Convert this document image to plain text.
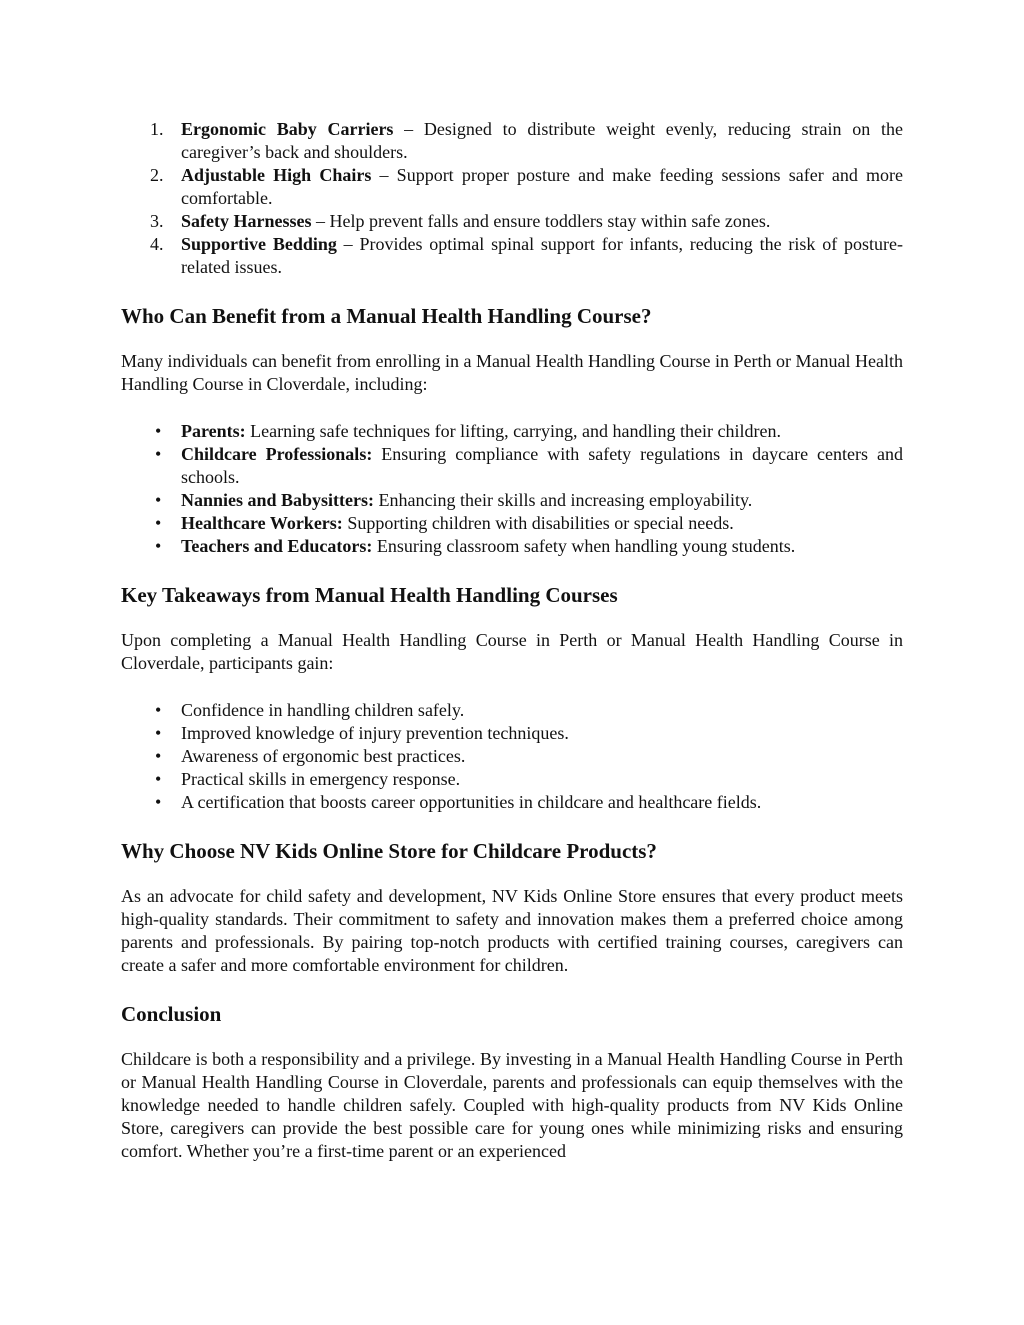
1. Ergonomic Baby Carriers – Designed to distribute weight evenly, reducing strain on the caregiver’s back and shoulders.
2. Adjustable High Chairs – Support proper posture and make feeding sessions safer and more comfortable.
3. Safety Harnesses – Help prevent falls and ensure toddlers stay within safe zones.
4. Supportive Bedding – Provides optimal spinal support for infants, reducing the risk of posture-related issues.
Who Can Benefit from a Manual Health Handling Course?

Many individuals can benefit from enrolling in a Manual Health Handling Course in Perth or Manual Health Handling Course in Cloverdale, including:

• Parents: Learning safe techniques for lifting, carrying, and handling their children.
• Childcare Professionals: Ensuring compliance with safety regulations in daycare centers and schools.
• Nannies and Babysitters: Enhancing their skills and increasing employability.
• Healthcare Workers: Supporting children with disabilities or special needs.
• Teachers and Educators: Ensuring classroom safety when handling young students.
Key Takeaways from Manual Health Handling Courses

Upon completing a Manual Health Handling Course in Perth or Manual Health Handling Course in Cloverdale, participants gain:

• Confidence in handling children safely.
• Improved knowledge of injury prevention techniques.
• Awareness of ergonomic best practices.
• Practical skills in emergency response.
• A certification that boosts career opportunities in childcare and healthcare fields.
Why Choose NV Kids Online Store for Childcare Products?

As an advocate for child safety and development, NV Kids Online Store ensures that every product meets high-quality standards. Their commitment to safety and innovation makes them a preferred choice among parents and professionals. By pairing top-notch products with certified training courses, caregivers can create a safer and more comfortable environment for children.

Conclusion

Childcare is both a responsibility and a privilege. By investing in a Manual Health Handling Course in Perth or Manual Health Handling Course in Cloverdale, parents and professionals can equip themselves with the knowledge needed to handle children safely. Coupled with high-quality products from NV Kids Online Store, caregivers can provide the best possible care for young ones while minimizing risks and ensuring comfort. Whether you’re a first-time parent or an experienced
